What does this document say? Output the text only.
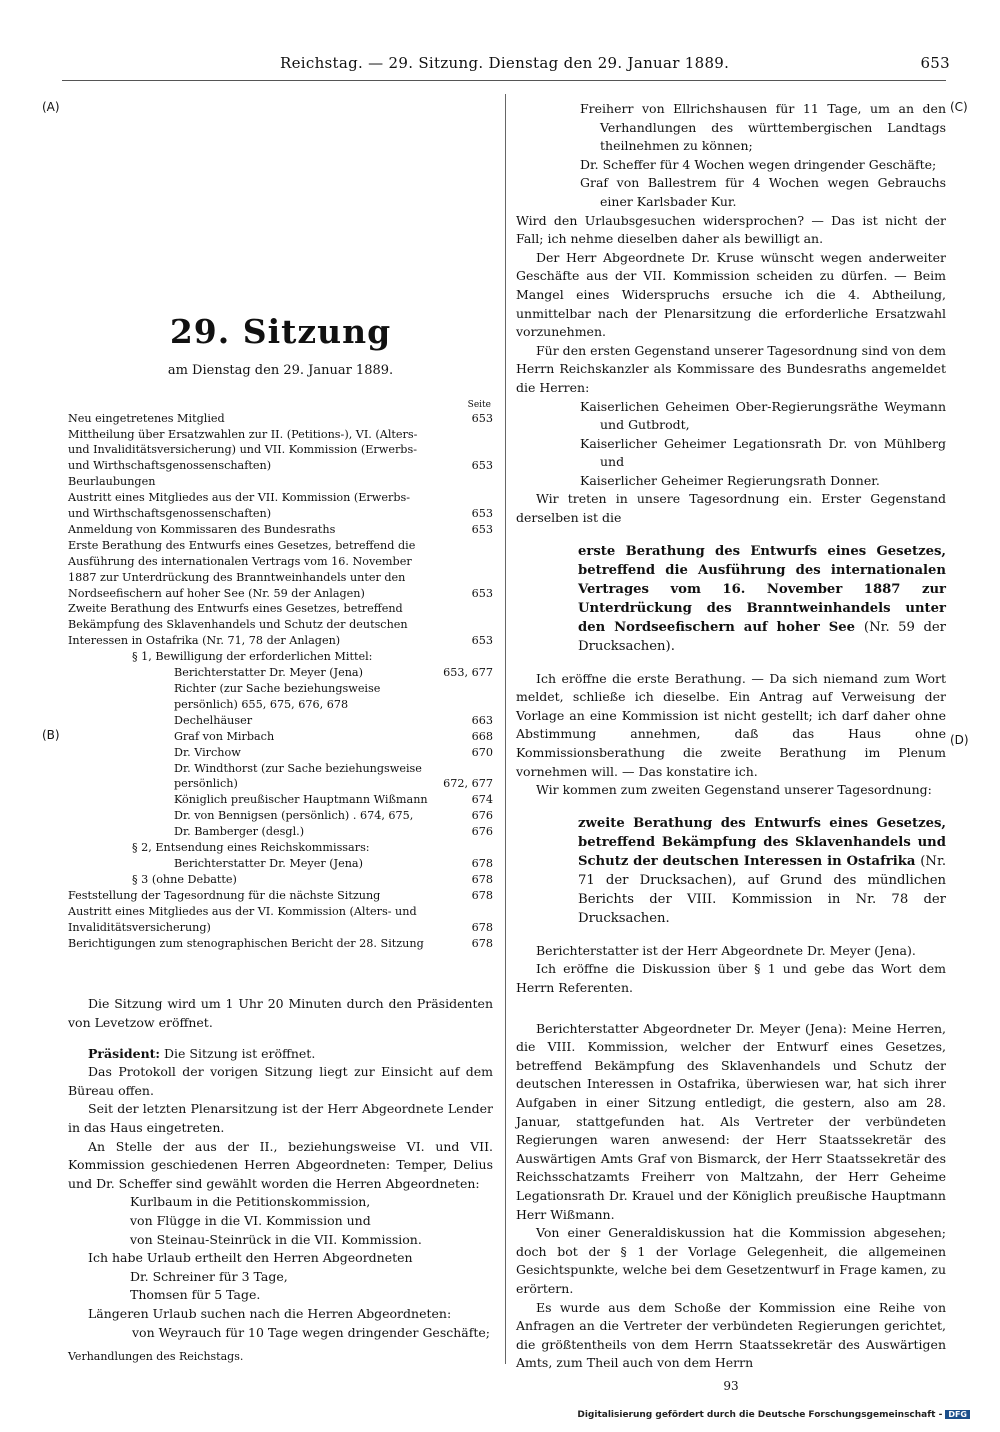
Reichstag. — 29. Sitzung. Dienstag den 29. Januar 1889.	653
(A)
(B)
(C)
(D)
29. Sitzung
am Dienstag den 29. Januar 1889.
Seite
Neu eingetretenes Mitglied	653
Mittheilung über Ersatzwahlen zur II. (Petitions-), VI. (Alters- und Invaliditätsversicherung) und VII. Kommission (Erwerbs- und Wirthschaftsgenossenschaften)	653
Beurlaubungen
Austritt eines Mitgliedes aus der VII. Kommission (Erwerbs- und Wirthschaftsgenossenschaften)	653
Anmeldung von Kommissaren des Bundesraths	653
Erste Berathung des Entwurfs eines Gesetzes, betreffend die Ausführung des internationalen Vertrags vom 16. November 1887 zur Unterdrückung des Branntweinhandels unter den Nordseefischern auf hoher See (Nr. 59 der Anlagen)	653
Zweite Berathung des Entwurfs eines Gesetzes, betreffend Bekämpfung des Sklavenhandels und Schutz der deutschen Interessen in Ostafrika (Nr. 71, 78 der Anlagen)	653
§ 1, Bewilligung der erforderlichen Mittel:
Berichterstatter Dr. Meyer (Jena)	653, 677
Richter (zur Sache beziehungsweise persönlich) 655, 675, 676, 678
Dechelhäuser	663
Graf von Mirbach	668
Dr. Virchow	670
Dr. Windthorst (zur Sache beziehungsweise persönlich)	672, 677
Königlich preußischer Hauptmann Wißmann	674
Dr. von Bennigsen (persönlich) . 674, 675,	676
Dr. Bamberger (desgl.)	676
§ 2, Entsendung eines Reichskommissars:
Berichterstatter Dr. Meyer (Jena)	678
§ 3 (ohne Debatte)	678
Feststellung der Tagesordnung für die nächste Sitzung	678
Austritt eines Mitgliedes aus der VI. Kommission (Alters- und Invaliditätsversicherung)	678
Berichtigungen zum stenographischen Bericht der 28. Sitzung	678

Die Sitzung wird um 1 Uhr 20 Minuten durch den Präsidenten von Levetzow eröffnet.

Präsident: Die Sitzung ist eröffnet.

Das Protokoll der vorigen Sitzung liegt zur Einsicht auf dem Büreau offen.

Seit der letzten Plenarsitzung ist der Herr Abgeordnete Lender in das Haus eingetreten.

An Stelle der aus der II., beziehungsweise VI. und VII. Kommission geschiedenen Herren Abgeordneten: Temper, Delius und Dr. Scheffer sind gewählt worden die Herren Abgeordneten:

Kurlbaum in die Petitionskommission,

von Flügge in die VI. Kommission und

von Steinau-Steinrück in die VII. Kommission.

Ich habe Urlaub ertheilt den Herren Abgeordneten

Dr. Schreiner für 3 Tage,

Thomsen für 5 Tage.

Längeren Urlaub suchen nach die Herren Abgeordneten:

von Weyrauch für 10 Tage wegen dringender Geschäfte;

Verhandlungen des Reichstags.

Freiherr von Ellrichshausen für 11 Tage, um an den Verhandlungen des württembergischen Landtags theilnehmen zu können;

Dr. Scheffer für 4 Wochen wegen dringender Geschäfte;

Graf von Ballestrem für 4 Wochen wegen Gebrauchs einer Karlsbader Kur.

Wird den Urlaubsgesuchen widersprochen? — Das ist nicht der Fall; ich nehme dieselben daher als bewilligt an.

Der Herr Abgeordnete Dr. Kruse wünscht wegen anderweiter Geschäfte aus der VII. Kommission scheiden zu dürfen. — Beim Mangel eines Widerspruchs ersuche ich die 4. Abtheilung, unmittelbar nach der Plenarsitzung die erforderliche Ersatzwahl vorzunehmen.

Für den ersten Gegenstand unserer Tagesordnung sind von dem Herrn Reichskanzler als Kommissare des Bundesraths angemeldet die Herren:

Kaiserlichen Geheimen Ober-Regierungsräthe Weymann und Gutbrodt,

Kaiserlicher Geheimer Legationsrath Dr. von Mühlberg und

Kaiserlicher Geheimer Regierungsrath Donner.

Wir treten in unsere Tagesordnung ein. Erster Gegenstand derselben ist die

erste Berathung des Entwurfs eines Gesetzes, betreffend die Ausführung des internationalen Vertrages vom 16. November 1887 zur Unterdrückung des Branntweinhandels unter den Nordseefischern auf hoher See (Nr. 59 der Drucksachen).

Ich eröffne die erste Berathung. — Da sich niemand zum Wort meldet, schließe ich dieselbe. Ein Antrag auf Verweisung der Vorlage an eine Kommission ist nicht gestellt; ich darf daher ohne Abstimmung annehmen, daß das Haus ohne Kommissionsberathung die zweite Berathung im Plenum vornehmen will. — Das konstatire ich.

Wir kommen zum zweiten Gegenstand unserer Tagesordnung:

zweite Berathung des Entwurfs eines Gesetzes, betreffend Bekämpfung des Sklavenhandels und Schutz der deutschen Interessen in Ostafrika (Nr. 71 der Drucksachen), auf Grund des mündlichen Berichts der VIII. Kommission in Nr. 78 der Drucksachen.

Berichterstatter ist der Herr Abgeordnete Dr. Meyer (Jena).

Ich eröffne die Diskussion über § 1 und gebe das Wort dem Herrn Referenten.

Berichterstatter Abgeordneter Dr. Meyer (Jena): Meine Herren, die VIII. Kommission, welcher der Entwurf eines Gesetzes, betreffend Bekämpfung des Sklavenhandels und Schutz der deutschen Interessen in Ostafrika, überwiesen war, hat sich ihrer Aufgaben in einer Sitzung entledigt, die gestern, also am 28. Januar, stattgefunden hat. Als Vertreter der verbündeten Regierungen waren anwesend: der Herr Staatssekretär des Auswärtigen Amts Graf von Bismarck, der Herr Staatssekretär des Reichsschatzamts Freiherr von Maltzahn, der Herr Geheime Legationsrath Dr. Krauel und der Königlich preußische Hauptmann Herr Wißmann.

Von einer Generaldiskussion hat die Kommission abgesehen; doch bot der § 1 der Vorlage Gelegenheit, die allgemeinen Gesichtspunkte, welche bei dem Gesetzentwurf in Frage kamen, zu erörtern.

Es wurde aus dem Schoße der Kommission eine Reihe von Anfragen an die Vertreter der verbündeten Regierungen gerichtet, die größtentheils von dem Herrn Staatssekretär des Auswärtigen Amts, zum Theil auch von dem Herrn

93
Digitalisierung gefördert durch die Deutsche Forschungsgemeinschaft - DFG
